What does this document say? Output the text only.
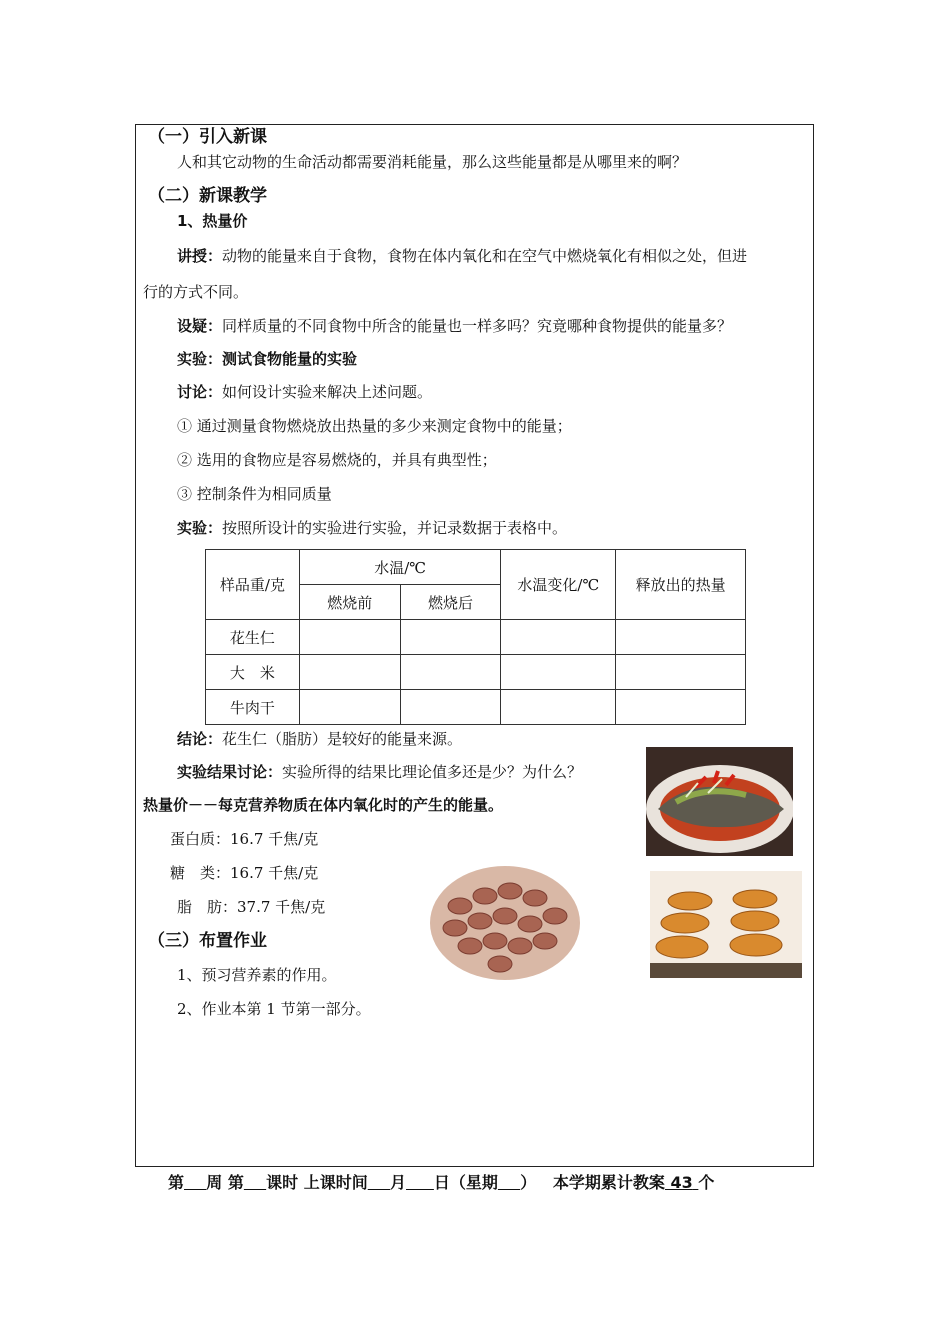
（一）引入新课
人和其它动物的生命活动都需要消耗能量，那么这些能量都是从哪里来的啊？
（二）新课教学
1、热量价
讲授：动物的能量来自于食物，食物在体内氧化和在空气中燃烧氧化有相似之处，但进
行的方式不同。
设疑：同样质量的不同食物中所含的能量也一样多吗？究竟哪种食物提供的能量多？
实验：测试食物能量的实验
讨论：如何设计实验来解决上述问题。
① 通过测量食物燃烧放出热量的多少来测定食物中的能量；
② 选用的食物应是容易燃烧的，并具有典型性；
③ 控制条件为相同质量
实验：按照所设计的实验进行实验，并记录数据于表格中。
样品重/克	水温/℃		水温变化/℃	释放出的热量
	燃烧前	燃烧后		
花生仁				
大　米				
牛肉干				
结论：花生仁（脂肪）是较好的能量来源。
实验结果讨论：实验所得的结果比理论值多还是少？为什么？
热量价－－每克营养物质在体内氧化时的产生的能量。
蛋白质：16.7 千焦/克
糖　类：16.7 千焦/克
脂　肪：37.7 千焦/克
（三）布置作业
1、预习营养素的作用。
2、作业本第 1 节第一部分。
第 周 第 课时 上课时间 月 日（星期 ） 本学期累计教案 43 个
